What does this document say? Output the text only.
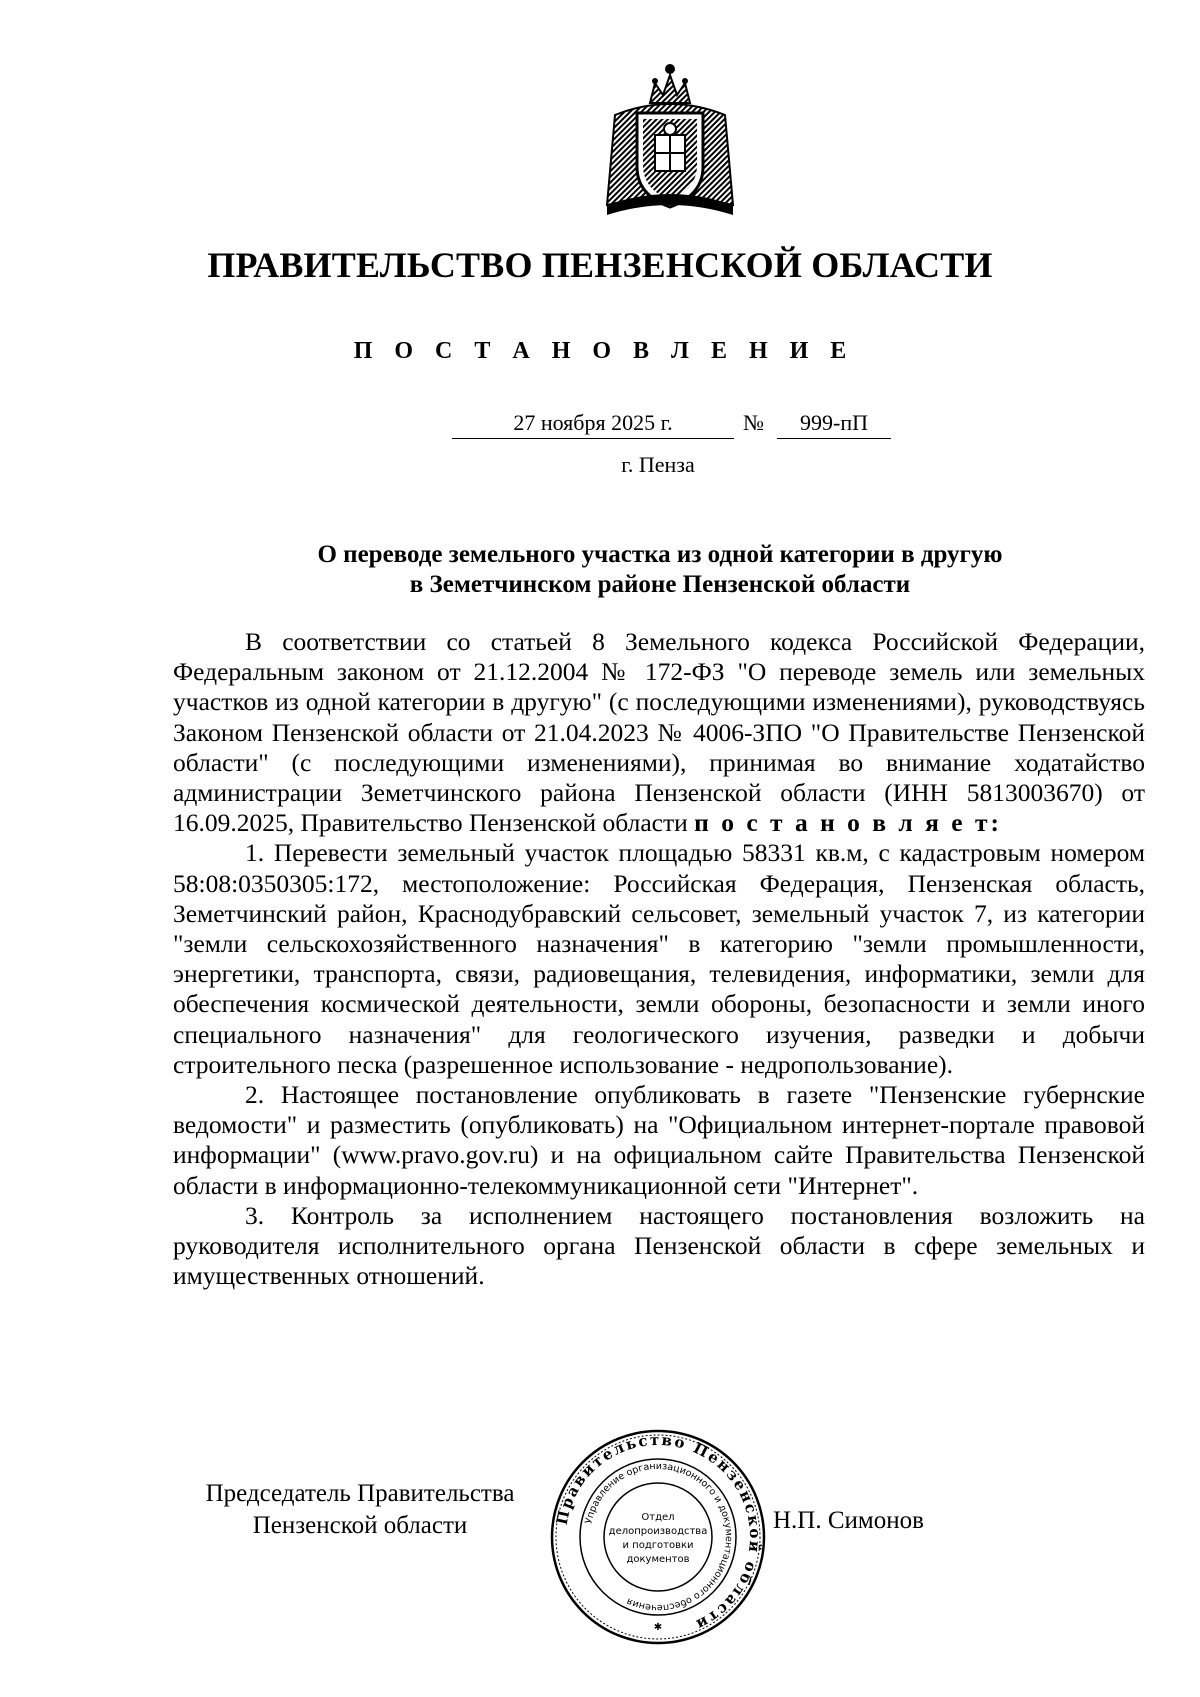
ПРАВИТЕЛЬСТВО ПЕНЗЕНСКОЙ ОБЛАСТИ
П О С Т А Н О В Л Е Н И Е
27 ноября 2025 г.	№	999-пП
г. Пенза
О переводе земельного участка из одной категории в другую
в Земетчинском районе Пензенской области

В соответствии со статьей 8 Земельного кодекса Российской Федерации, Федеральным законом от 21.12.2004 № 172-ФЗ "О переводе земель или земельных участков из одной категории в другую" (с последующими изменениями), руководствуясь Законом Пензенской области от 21.04.2023 № 4006-ЗПО "О Правительстве Пензенской области" (с последующими изменениями), принимая во внимание ходатайство администрации Земетчинского района Пензенской области (ИНН 5813003670) от 16.09.2025, Правительство Пензенской области п о с т а н о в л я е т:

1. Перевести земельный участок площадью 58331 кв.м, с кадастровым номером 58:08:0350305:172, местоположение: Российская Федерация, Пензенская область, Земетчинский район, Краснодубравский сельсовет, земельный участок 7, из категории "земли сельскохозяйственного назначения" в категорию "земли промышленности, энергетики, транспорта, связи, радиовещания, телевидения, информатики, земли для обеспечения космической деятельности, земли обороны, безопасности и земли иного специального назначения" для геологического изучения, разведки и добычи строительного песка (разрешенное использование - недропользование).

2. Настоящее постановление опубликовать в газете "Пензенские губернские ведомости" и разместить (опубликовать) на "Официальном интернет-портале правовой информации" (www.pravo.gov.ru) и на официальном сайте Правительства Пензенской области в информационно-телекоммуникационной сети "Интернет".

3. Контроль за исполнением настоящего постановления возложить на руководителя исполнительного органа Пензенской области в сфере земельных и имущественных отношений.

Председатель Правительства
Пензенской области	Н.П. Симонов
Правительство Пензенской области
Управление организационного и документационного обеспечения
Отдел
делопроизводства
и подготовки
документов
✱
